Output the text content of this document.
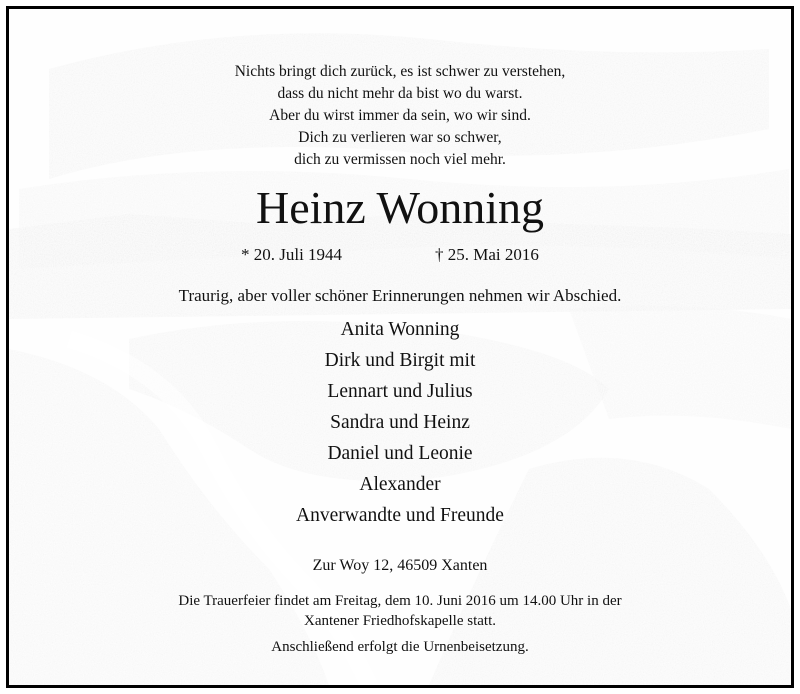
Nichts bringt dich zurück, es ist schwer zu verstehen,
dass du nicht mehr da bist wo du warst.
Aber du wirst immer da sein, wo wir sind.
Dich zu verlieren war so schwer,
dich zu vermissen noch viel mehr.
Heinz Wonning
* 20. Juli 1944	† 25. Mai 2016
Traurig, aber voller schöner Erinnerungen nehmen wir Abschied.
Anita Wonning
Dirk und Birgit mit
Lennart und Julius
Sandra und Heinz
Daniel und Leonie
Alexander
Anverwandte und Freunde
Zur Woy 12, 46509 Xanten
Die Trauerfeier findet am Freitag, dem 10. Juni 2016 um 14.00 Uhr in der
Xantener Friedhofskapelle statt.
Anschließend erfolgt die Urnenbeisetzung.
